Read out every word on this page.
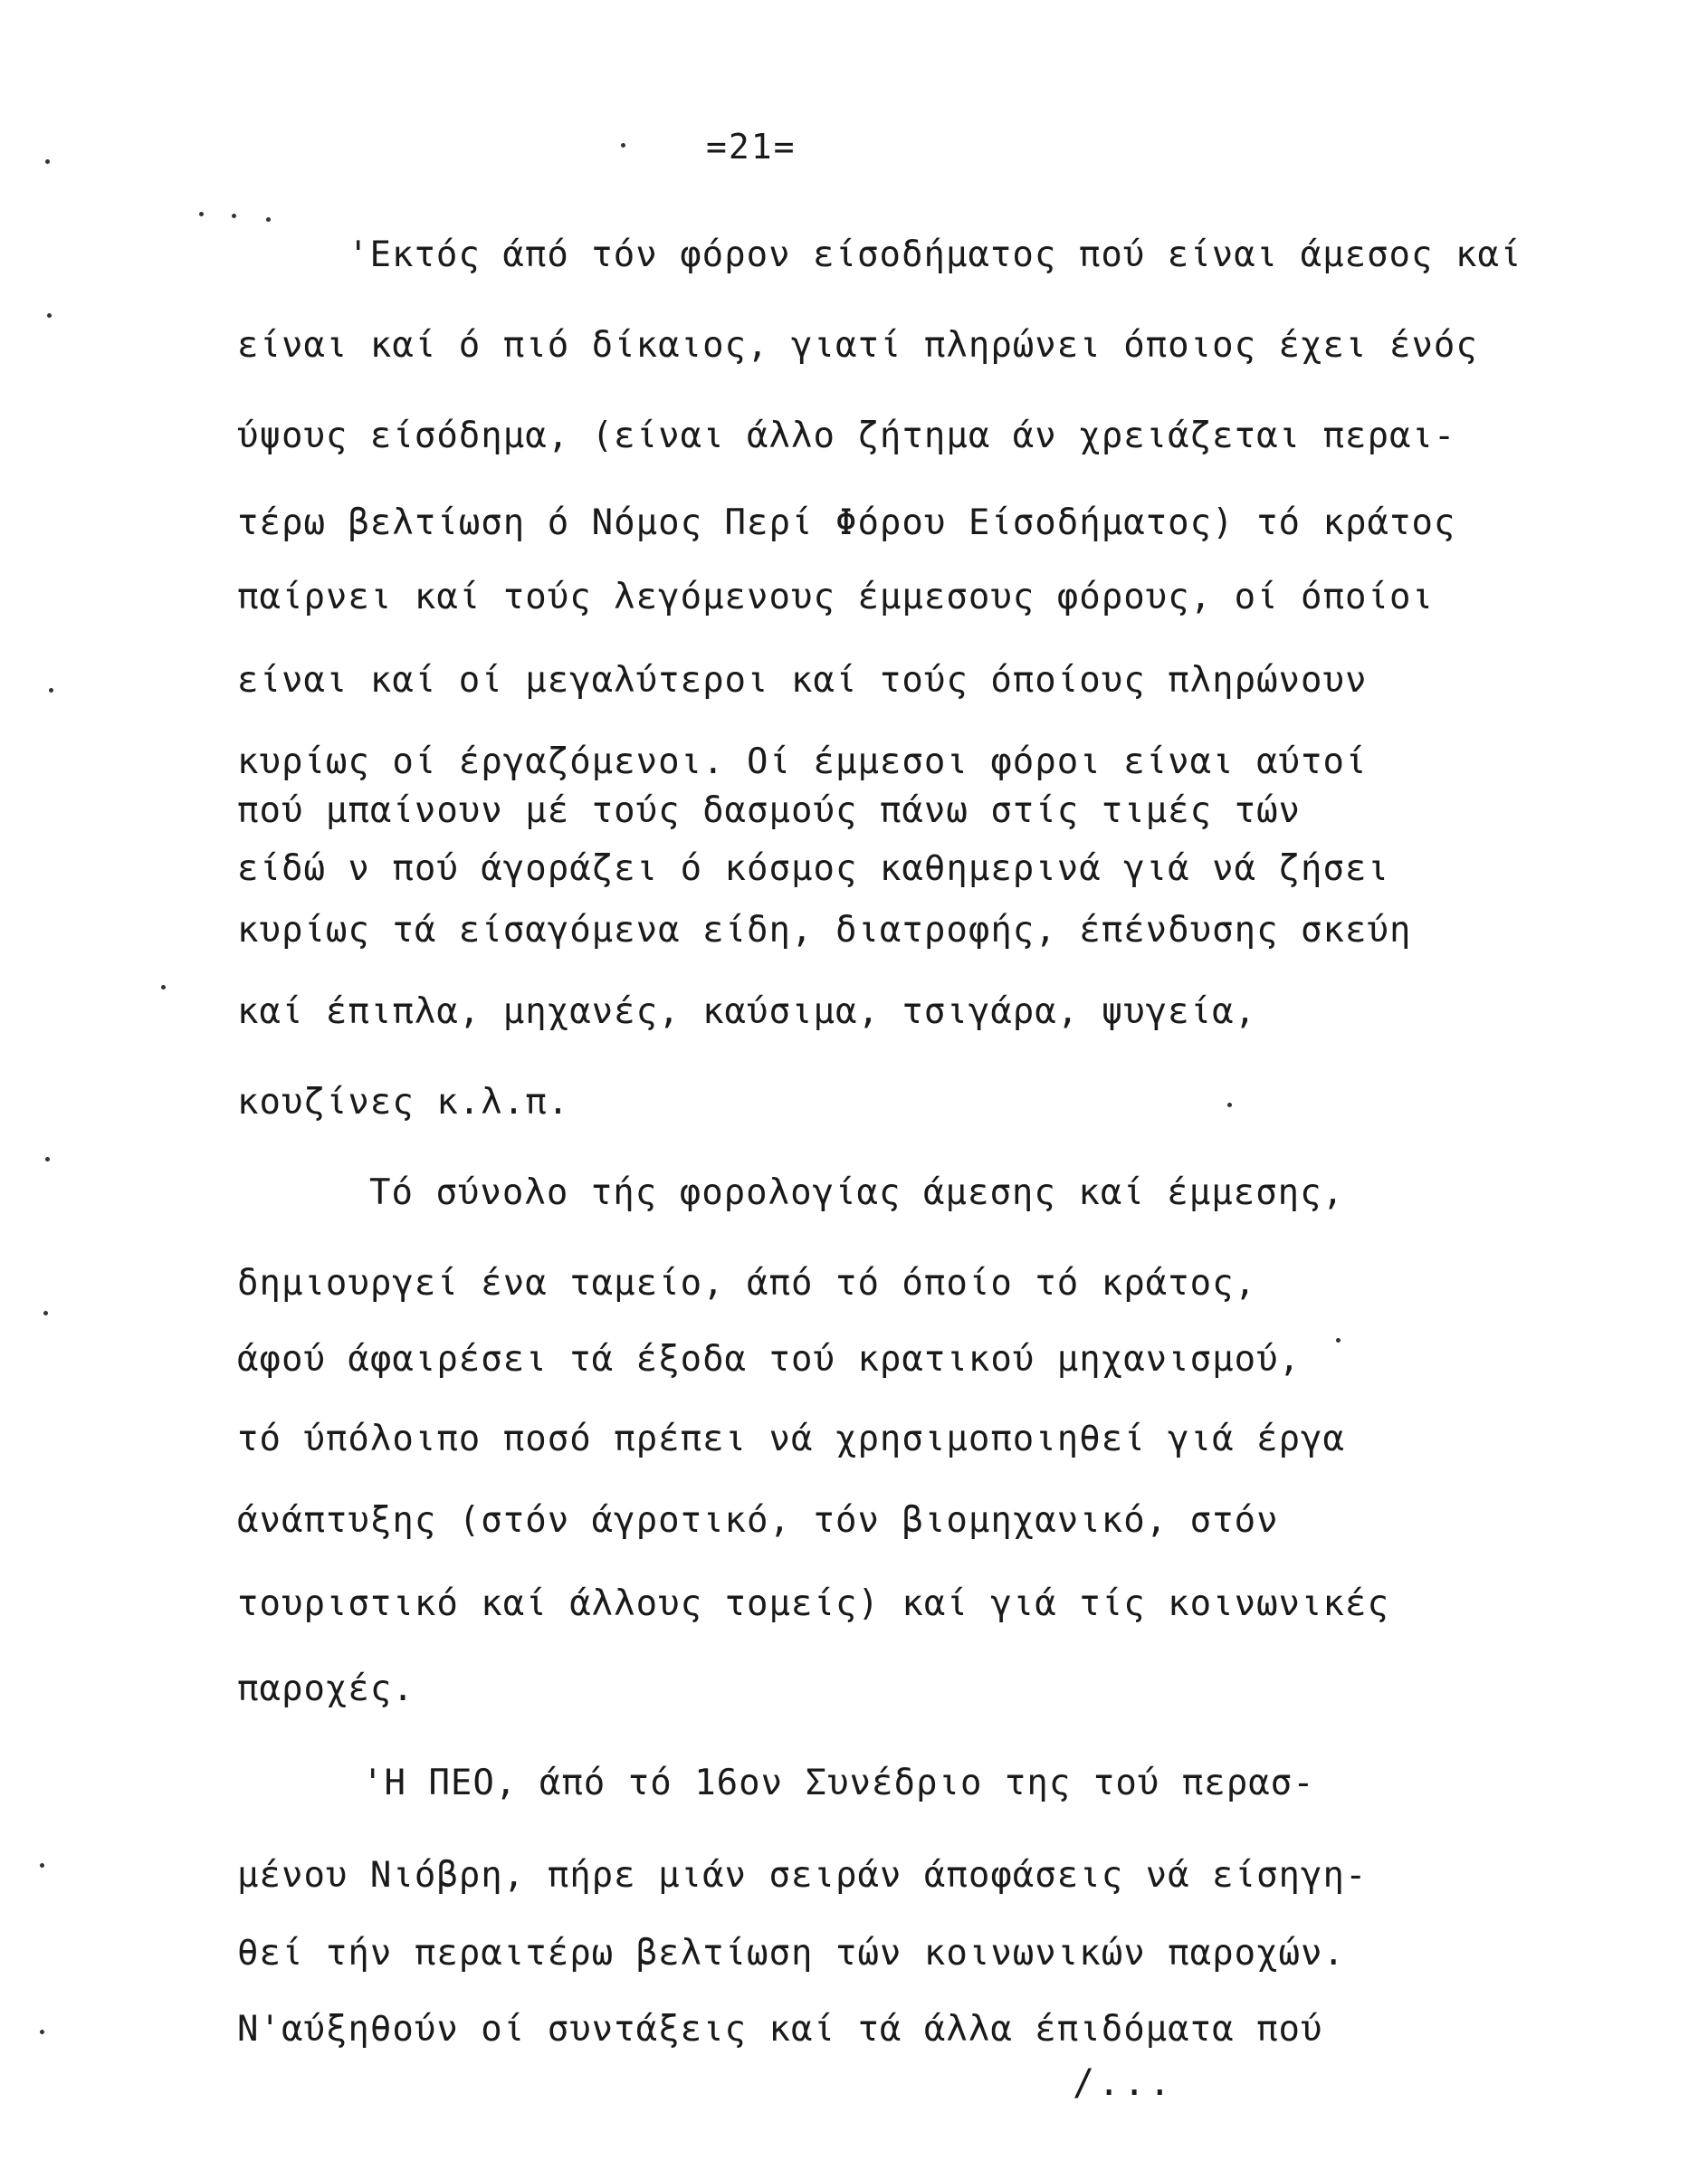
=21=
'Εκτός άπό τόν φόρον είσοδήματος πού είναι άμεσος καί
είναι καί ό πιό δίκαιος, γιατί πληρώνει όποιος έχει ένός
ύψους είσόδημα, (είναι άλλο ζήτημα άν χρειάζεται περαι-
τέρω βελτίωση ό Νόμος Περί Φόρου Είσοδήματος) τό κράτος
παίρνει καί τούς λεγόμενους έμμεσους φόρους, οί όποίοι
είναι καί οί μεγαλύτεροι καί τούς όποίους πληρώνουν
κυρίως οί έργαζόμενοι. Οί έμμεσοι φόροι είναι αύτοί
πού μπαίνουν μέ τούς δασμούς πάνω στίς τιμές τών
είδώ ν πού άγοράζει ό κόσμος καθημερινά γιά νά ζήσει
κυρίως τά είσαγόμενα είδη, διατροφής, έπένδυσης σκεύη
καί έπιπλα, μηχανές, καύσιμα, τσιγάρα, ψυγεία,
κουζίνες κ.λ.π.
Τό σύνολο τής φορολογίας άμεσης καί έμμεσης,
δημιουργεί ένα ταμείο, άπό τό όποίο τό κράτος,
άφού άφαιρέσει τά έξοδα τού κρατικού μηχανισμού,
τό ύπόλοιπο ποσό πρέπει νά χρησιμοποιηθεί γιά έργα
άνάπτυξης (στόν άγροτικό, τόν βιομηχανικό, στόν
τουριστικό καί άλλους τομείς) καί γιά τίς κοινωνικές
παροχές.
'Η ΠΕΟ, άπό τό 16ον Συνέδριο της τού περασ-
μένου Νιόβρη, πήρε μιάν σειράν άποφάσεις νά είσηγη-
θεί τήν περαιτέρω βελτίωση τών κοινωνικών παροχών.
Ν'αύξηθούν οί συντάξεις καί τά άλλα έπιδόματα πού
/...
